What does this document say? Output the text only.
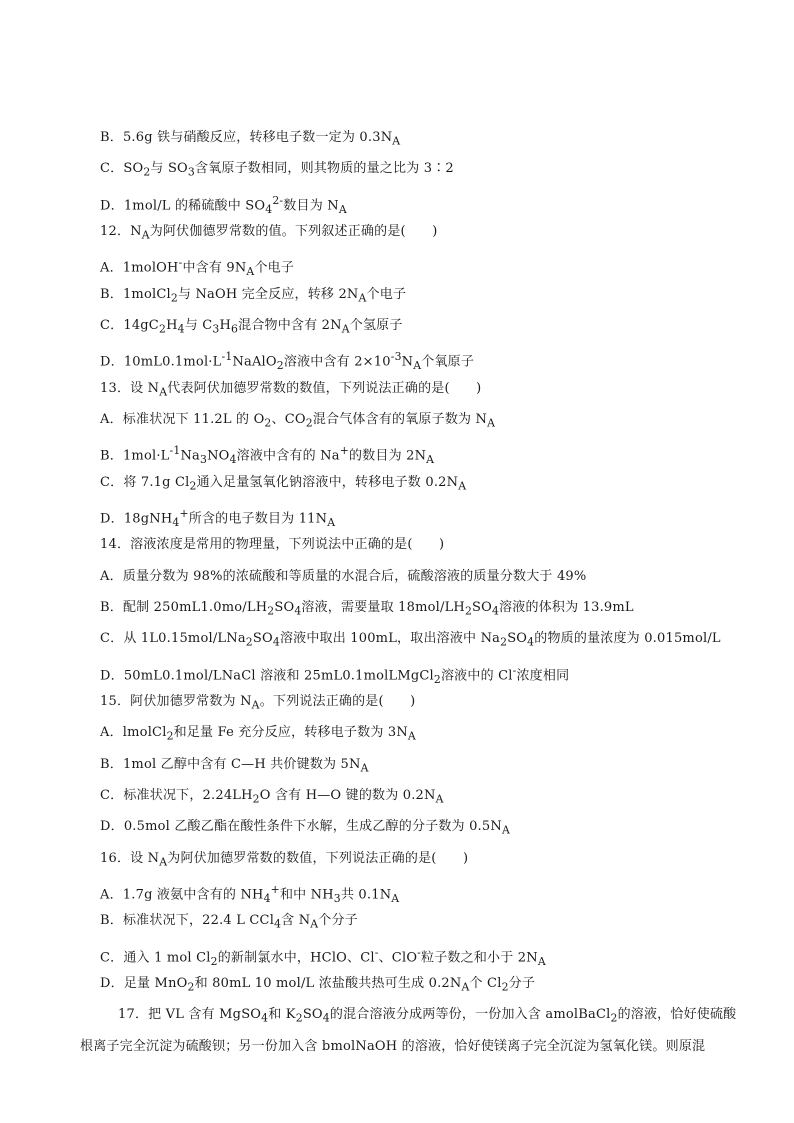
B．5.6g 铁与硝酸反应，转移电子数一定为 $0.3N_A$
C．$SO_2$与 $SO_3$含氧原子数相同，则其物质的量之比为 3∶2
D．1mol/L 的稀硫酸中 $SO_4^{2-}$数目为 $N_A$
12．$N_A$为阿伏伽德罗常数的值。下列叙述正确的是(　　)
A．1molOH-中含有 $9N_A$个电子
B．1molCl$_2$与 NaOH 完全反应，转移 $2N_A$个电子
C．$14gC_2H_4$与 $C_3H_6$混合物中含有 $2N_A$个氢原子
D．$10mL0.1mol\cdot L^{-1}NaAlO_2$溶液中含有 $2\times 10^{-3}N_A$个氧原子
13．设 $N_A$代表阿伏加德罗常数的数值，下列说法正确的是(　　)
A．标准状况下 11.2L 的 $O_2$、$CO_2$混合气体含有的氧原子数为 $N_A$
B．$1mol\cdot L^{-1}Na_3NO_4$溶液中含有的 Na+的数目为 $2N_A$
C．将 7.1g $Cl_2$通入足量氢氧化钠溶液中，转移电子数 $0.2N_A$
D．18gNH$_4$+所含的电子数目为 $11N_A$
14．溶液浓度是常用的物理量，下列说法中正确的是(　　)
A．质量分数为 98%的浓硫酸和等质量的水混合后，硫酸溶液的质量分数大于 49%
B．配制 $250mL1.0mo/LH_2SO_4$溶液，需要量取 $18mol/LH_2SO_4$溶液的体积为 13.9mL
C．从 $1L0.15mol/LNa_2SO_4$溶液中取出 100mL，取出溶液中 $Na_2SO_4$的物质的量浓度为 0.015mol/L
D．50mL0.1mol/LNaCl 溶液和 25mL0.1molLMgCl$_2$溶液中的 Cl-浓度相同
15．阿伏加德罗常数为 $N_A$。下列说法正确的是(　　)
A．lmolCl$_2$和足量 Fe 充分反应，转移电子数为 $3N_A$
B．1mol 乙醇中含有 C—H 共价键数为 $5N_A$
C．标准状况下，$2.24LH_2O$ 含有 H—O 键的数为 $0.2N_A$
D．0.5mol 乙酸乙酯在酸性条件下水解，生成乙醇的分子数为 $0.5N_A$
16．设 $N_A$为阿伏加德罗常数的数值，下列说法正确的是(　　)
A．1.7g 液氨中含有的 $NH_4^+$和中 $NH_3$共 $0.1N_A$
B．标准状况下，22.4 L CCl$_4$含 $N_A$个分子
C．通入 1 mol $Cl_2$的新制氯水中，HClO、Cl-、ClO-粒子数之和小于 $2N_A$
D．足量 MnO$_2$和 80mL 10 mol/L 浓盐酸共热可生成 $0.2N_A$个 $Cl_2$分子
17．把 VL 含有 MgSO$_4$和 $K_2SO_4$的混合溶液分成两等份，一份加入含 amolBaCl$_2$的溶液，恰好使硫酸
根离子完全沉淀为硫酸钡；另一份加入含 bmolNaOH 的溶液，恰好使镁离子完全沉淀为氢氧化镁。则原混
